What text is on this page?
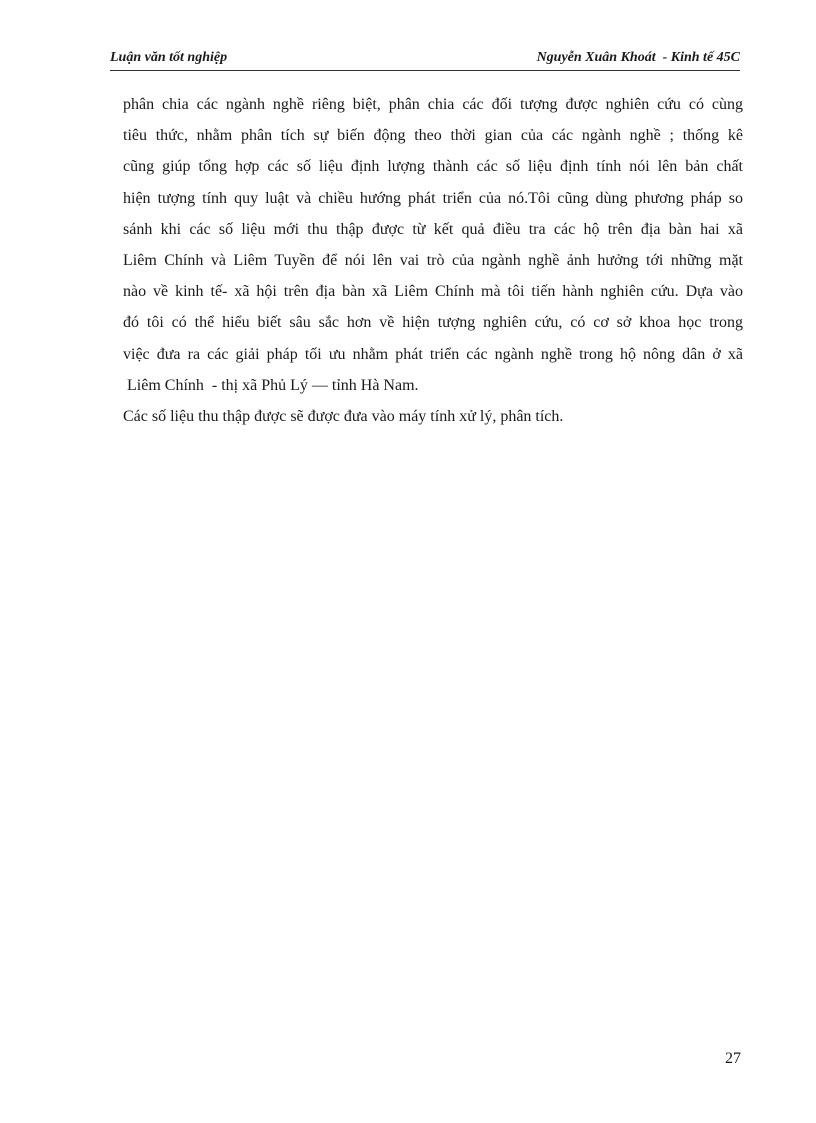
Luận văn tốt nghiệp	Nguyễn Xuân Khoát  - Kinh tế 45C

phân chia các ngành nghề riêng biệt, phân chia các đối tượng được nghiên cứu có cùng
tiêu thức, nhằm phân tích sự biến động theo thời gian của các ngành nghề ; thống kê
cũng giúp tổng hợp các số liệu định lượng thành các số liệu định tính nói lên bản chất
hiện tượng tính quy luật và chiều hướng phát triển của nó.Tôi cũng dùng phương pháp so
sánh khi các số liệu mới thu thập được từ kết quả điều tra các hộ trên địa bàn hai xã
Liêm Chính và Liêm Tuyền để nói lên vai trò của ngành nghề ảnh hưởng tới những mặt
nào về kinh tế- xã hội trên địa bàn xã Liêm Chính mà tôi tiến hành nghiên cứu. Dựa vào
đó tôi có thể hiểu biết sâu sắc hơn về hiện tượng nghiên cứu, có cơ sở khoa học trong
việc đưa ra các giải pháp tối ưu nhằm phát triển các ngành nghề trong hộ nông dân ở xã
Liêm Chính  - thị xã Phủ Lý — tỉnh Hà Nam.

Các số liệu thu thập được sẽ được đưa vào máy tính xử lý, phân tích.

27
